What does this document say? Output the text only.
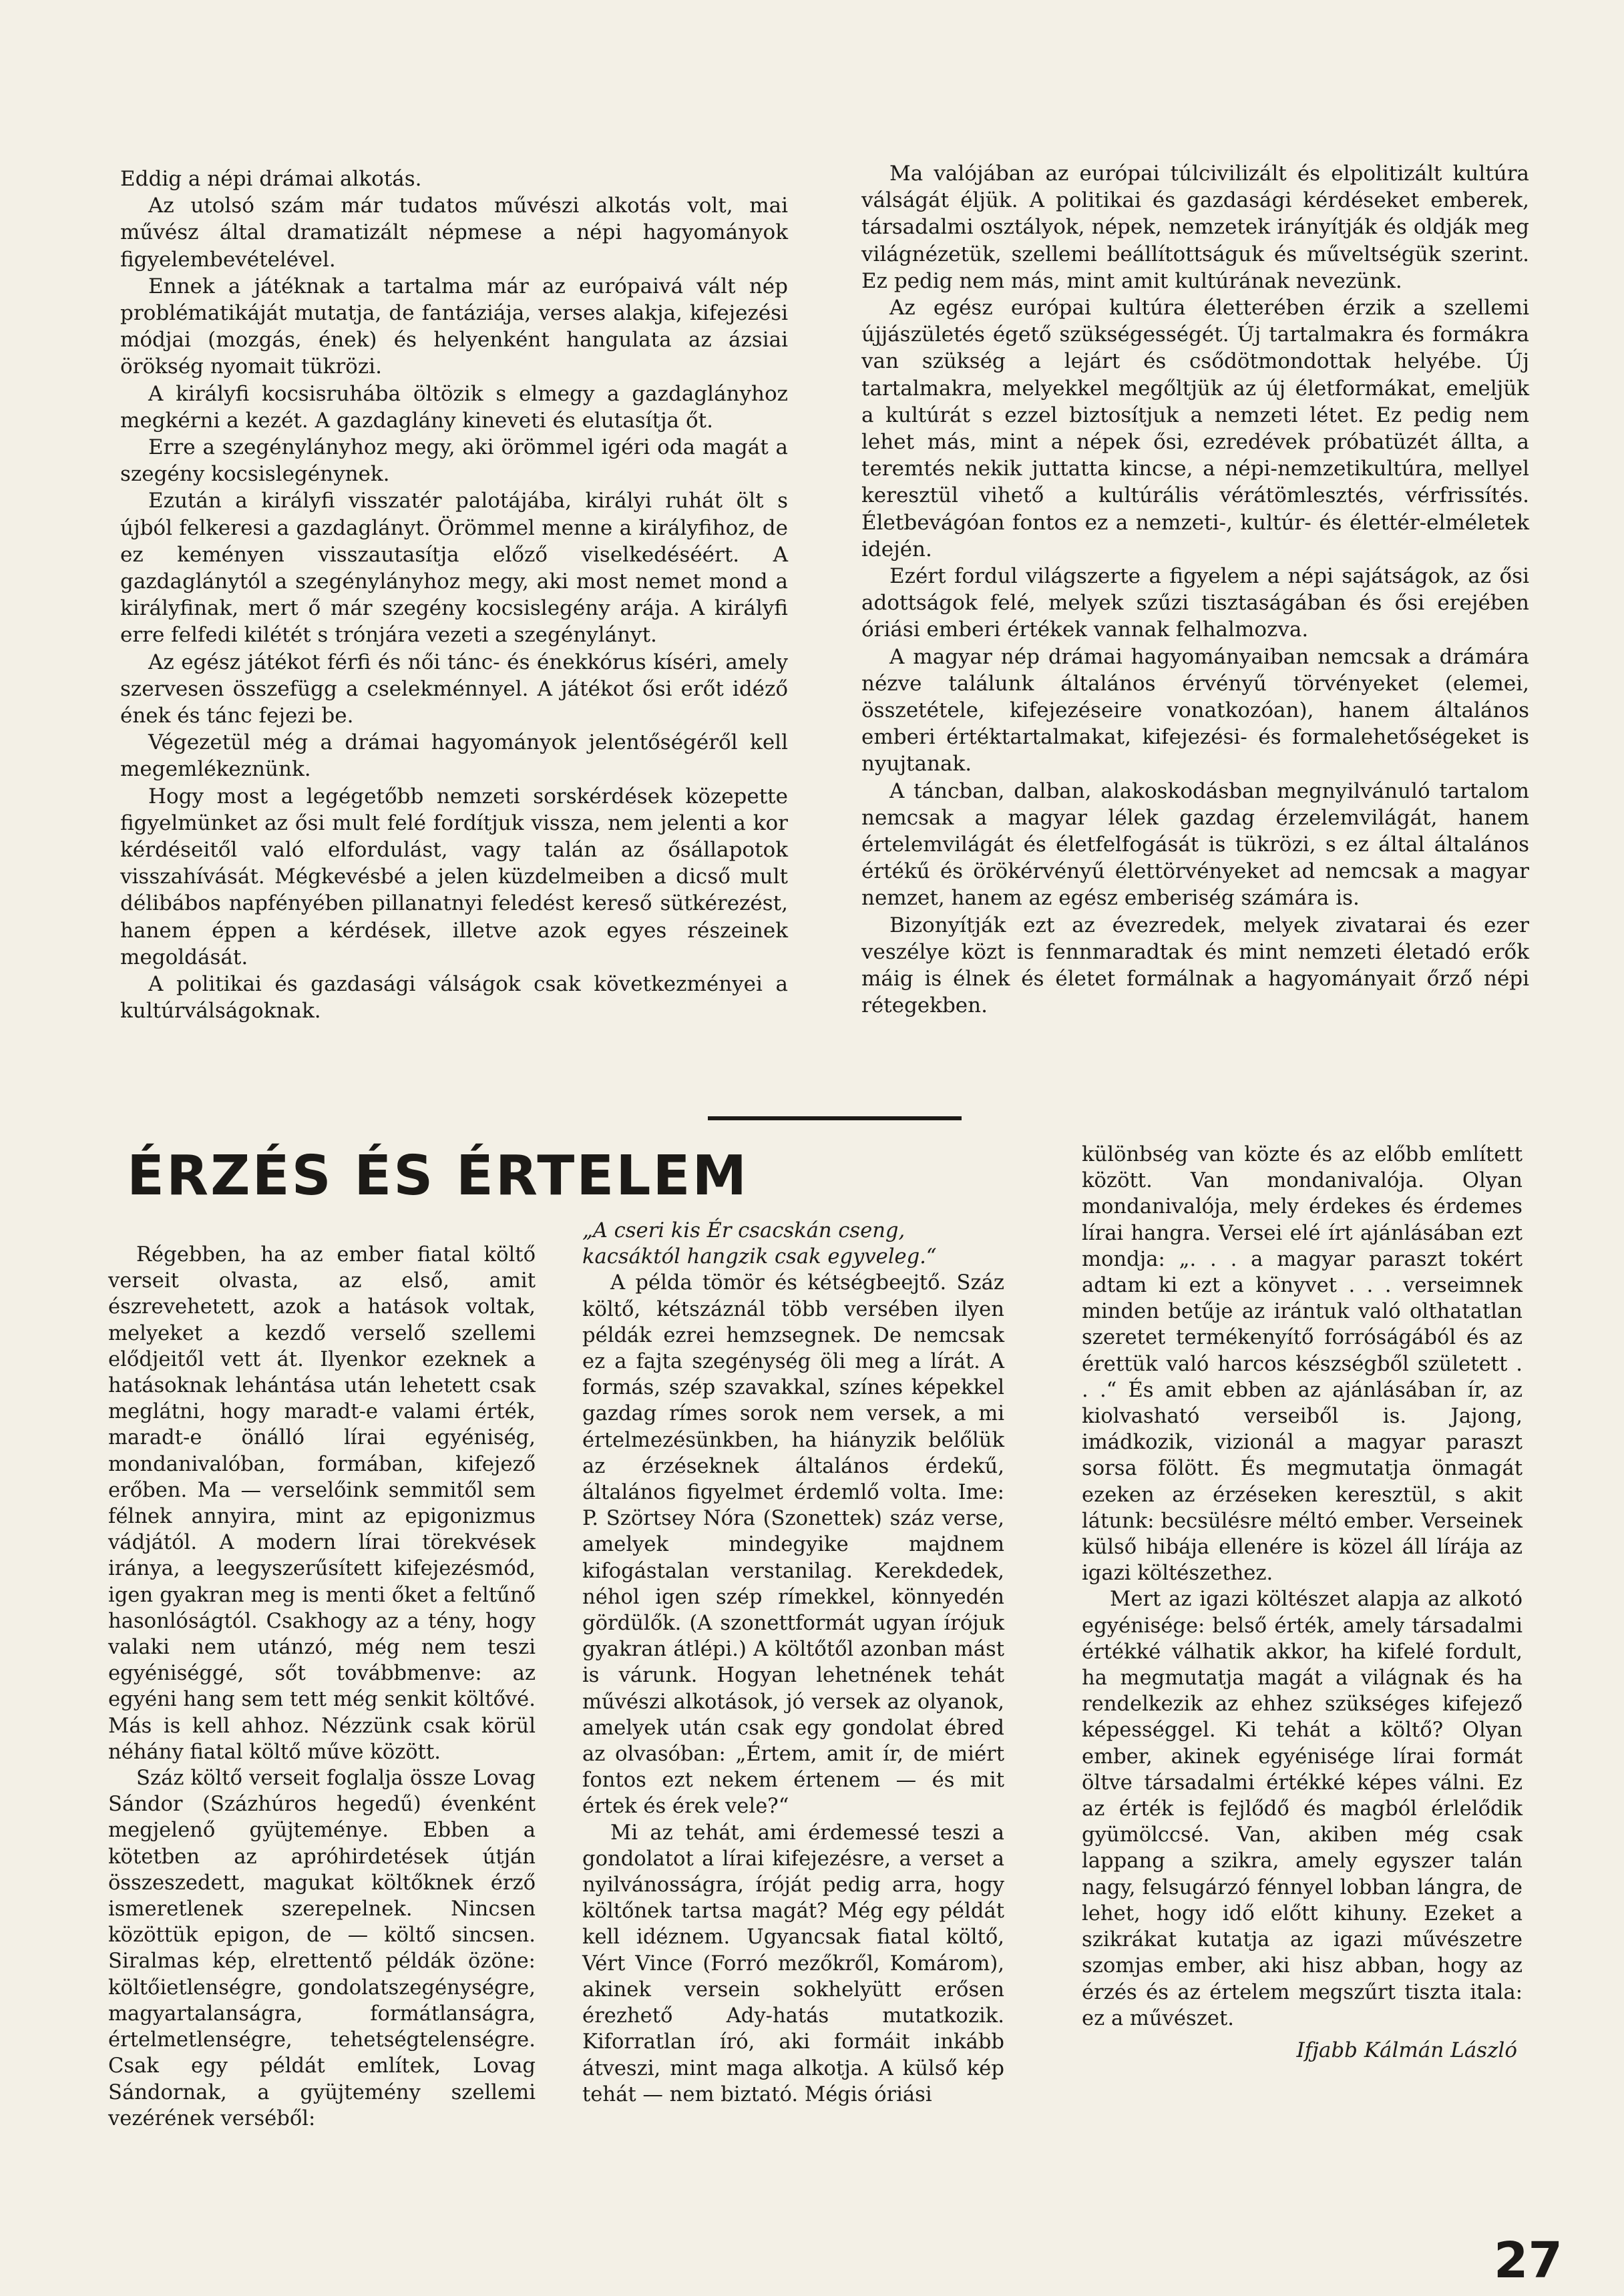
Eddig a népi drámai alkotás.

Az utolsó szám már tudatos művészi alkotás volt, mai művész által dramatizált népmese a népi hagyományok figyelembevételével.

Ennek a játéknak a tartalma már az európaivá vált nép problématikáját mutatja, de fantáziája, verses alakja, kifejezési módjai (mozgás, ének) és helyenként hangulata az ázsiai örökség nyomait tükrözi.

A királyfi kocsisruhába öltözik s elmegy a gazdaglányhoz megkérni a kezét. A gazdaglány kineveti és elutasítja őt.

Erre a szegénylányhoz megy, aki örömmel igéri oda magát a szegény kocsislegénynek.

Ezután a királyfi visszatér palotájába, királyi ruhát ölt s újból felkeresi a gazdaglányt. Örömmel menne a királyfihoz, de ez keményen visszautasítja előző viselkedéséért. A gazdaglánytól a szegénylányhoz megy, aki most nemet mond a királyfinak, mert ő már szegény kocsislegény arája. A királyfi erre felfedi kilétét s trónjára vezeti a szegénylányt.

Az egész játékot férfi és női tánc- és énekkórus kíséri, amely szervesen összefügg a cselekménnyel. A játékot ősi erőt idéző ének és tánc fejezi be.

Végezetül még a drámai hagyományok jelentőségéről kell megemlékeznünk.

Hogy most a legégetőbb nemzeti sorskérdések közepette figyelmünket az ősi mult felé fordítjuk vissza, nem jelenti a kor kérdéseitől való elfordulást, vagy talán az ősállapotok visszahívását. Mégkevésbé a jelen küzdelmeiben a dicső mult délibábos napfényében pillanatnyi feledést kereső sütkérezést, hanem éppen a kérdések, illetve azok egyes részeinek megoldását.

A politikai és gazdasági válságok csak következményei a kultúrválságoknak.

Ma valójában az európai túlcivilizált és elpolitizált kultúra válságát éljük. A politikai és gazdasági kérdéseket emberek, társadalmi osztályok, népek, nemzetek irányítják és oldják meg világnézetük, szellemi beállítottságuk és műveltségük szerint. Ez pedig nem más, mint amit kultúrának nevezünk.

Az egész európai kultúra életterében érzik a szellemi újjászületés égető szükségességét. Új tartalmakra és formákra van szükség a lejárt és csődötmondottak helyébe. Új tartalmakra, melyekkel megőltjük az új életformákat, emeljük a kultúrát s ezzel biztosítjuk a nemzeti létet. Ez pedig nem lehet más, mint a népek ősi, ezredévek próbatüzét állta, a teremtés nekik juttatta kincse, a népi-nemzetikultúra, mellyel keresztül vihető a kultúrális vérátömlesztés, vérfrissítés. Életbevágóan fontos ez a nemzeti-, kultúr- és élettér-elméletek idején.

Ezért fordul világszerte a figyelem a népi sajátságok, az ősi adottságok felé, melyek szűzi tisztaságában és ősi erejében óriási emberi értékek vannak felhalmozva.

A magyar nép drámai hagyományaiban nemcsak a drámára nézve találunk általános érvényű törvényeket (elemei, összetétele, kifejezéseire vonatkozóan), hanem általános emberi értéktartalmakat, kifejezési- és formalehetőségeket is nyujtanak.

A táncban, dalban, alakoskodásban megnyilvánuló tartalom nemcsak a magyar lélek gazdag érzelemvilágát, hanem értelemvilágát és életfelfogását is tükrözi, s ez által általános értékű és örökérvényű élettörvényeket ad nemcsak a magyar nemzet, hanem az egész emberiség számára is.

Bizonyítják ezt az évezredek, melyek zivatarai és ezer veszélye közt is fennmaradtak és mint nemzeti életadó erők máig is élnek és életet formálnak a hagyományait őrző népi rétegekben.

ÉRZÉS ÉS ÉRTELEM

Régebben, ha az ember fiatal költő verseit olvasta, az első, amit észrevehetett, azok a hatások voltak, melyeket a kezdő verselő szellemi elődjeitől vett át. Ilyenkor ezeknek a hatásoknak lehántása után lehetett csak meglátni, hogy maradt-e valami érték, maradt-e önálló lírai egyéniség, mondanivalóban, formában, kifejező erőben. Ma — verselőink semmitől sem félnek annyira, mint az epigonizmus vádjától. A modern lírai törekvések iránya, a leegyszerűsített kifejezésmód, igen gyakran meg is menti őket a feltűnő hasonlóságtól. Csakhogy az a tény, hogy valaki nem utánzó, még nem teszi egyéniséggé, sőt továbbmenve: az egyéni hang sem tett még senkit költővé. Más is kell ahhoz. Nézzünk csak körül néhány fiatal költő műve között.

Száz költő verseit foglalja össze Lovag Sándor (Százhúros hegedű) évenként megjelenő gyüjteménye. Ebben a kötetben az apróhirdetések útján összeszedett, magukat költőknek érző ismeretlenek szerepelnek. Nincsen közöttük epigon, de — költő sincsen. Siralmas kép, elrettentő példák özöne: költőietlenségre, gondolatszegénységre, magyartalanságra, formátlanságra, értelmetlenségre, tehetségtelenségre. Csak egy példát említek, Lovag Sándornak, a gyüjtemény szellemi vezérének verséből:

„A cseri kis Ér csacskán cseng,
kacsáktól hangzik csak egyveleg.“

A példa tömör és kétségbeejtő. Száz költő, kétszáznál több versében ilyen példák ezrei hemzsegnek. De nemcsak ez a fajta szegénység öli meg a lírát. A formás, szép szavakkal, színes képekkel gazdag rímes sorok nem versek, a mi értelmezésünkben, ha hiányzik belőlük az érzéseknek általános érdekű, általános figyelmet érdemlő volta. Ime: P. Szörtsey Nóra (Szonettek) száz verse, amelyek mindegyike majdnem kifogástalan verstanilag. Kerekdedek, néhol igen szép rímekkel, könnyedén gördülők. (A szonettformát ugyan írójuk gyakran átlépi.) A költőtől azonban mást is várunk. Hogyan lehetnének tehát művészi alkotások, jó versek az olyanok, amelyek után csak egy gondolat ébred az olvasóban: „Értem, amit ír, de miért fontos ezt nekem értenem — és mit értek és érek vele?“

Mi az tehát, ami érdemessé teszi a gondolatot a lírai kifejezésre, a verset a nyilvánosságra, íróját pedig arra, hogy költőnek tartsa magát? Még egy példát kell idéznem. Ugyancsak fiatal költő, Vért Vince (Forró mezőkről, Komárom), akinek versein sokhelyütt erősen érezhető Ady-hatás mutatkozik. Kiforratlan író, aki formáit inkább átveszi, mint maga alkotja. A külső kép tehát — nem biztató. Mégis óriási

különbség van közte és az előbb említett között. Van mondanivalója. Olyan mondanivalója, mely érdekes és érdemes lírai hangra. Versei elé írt ajánlásában ezt mondja: „. . . a magyar paraszt tokért adtam ki ezt a könyvet . . . verseimnek minden betűje az irántuk való olthatatlan szeretet termékenyítő forróságából és az érettük való harcos készségből született . . .“ És amit ebben az ajánlásában ír, az kiolvasható verseiből is. Jajong, imádkozik, vizionál a magyar paraszt sorsa fölött. És megmutatja önmagát ezeken az érzéseken keresztül, s akit látunk: becsülésre méltó ember. Verseinek külső hibája ellenére is közel áll lírája az igazi költészethez.

Mert az igazi költészet alapja az alkotó egyénisége: belső érték, amely társadalmi értékké válhatik akkor, ha kifelé fordult, ha megmutatja magát a világnak és ha rendelkezik az ehhez szükséges kifejező képességgel. Ki tehát a költő? Olyan ember, akinek egyénisége lírai formát öltve társadalmi értékké képes válni. Ez az érték is fejlődő és magból érlelődik gyümölccsé. Van, akiben még csak lappang a szikra, amely egyszer talán nagy, felsugárzó fénnyel lobban lángra, de lehet, hogy idő előtt kihuny. Ezeket a szikrákat kutatja az igazi művészetre szomjas ember, aki hisz abban, hogy az érzés és az értelem megszűrt tiszta itala: ez a művészet.

Ifjabb Kálmán László
27
